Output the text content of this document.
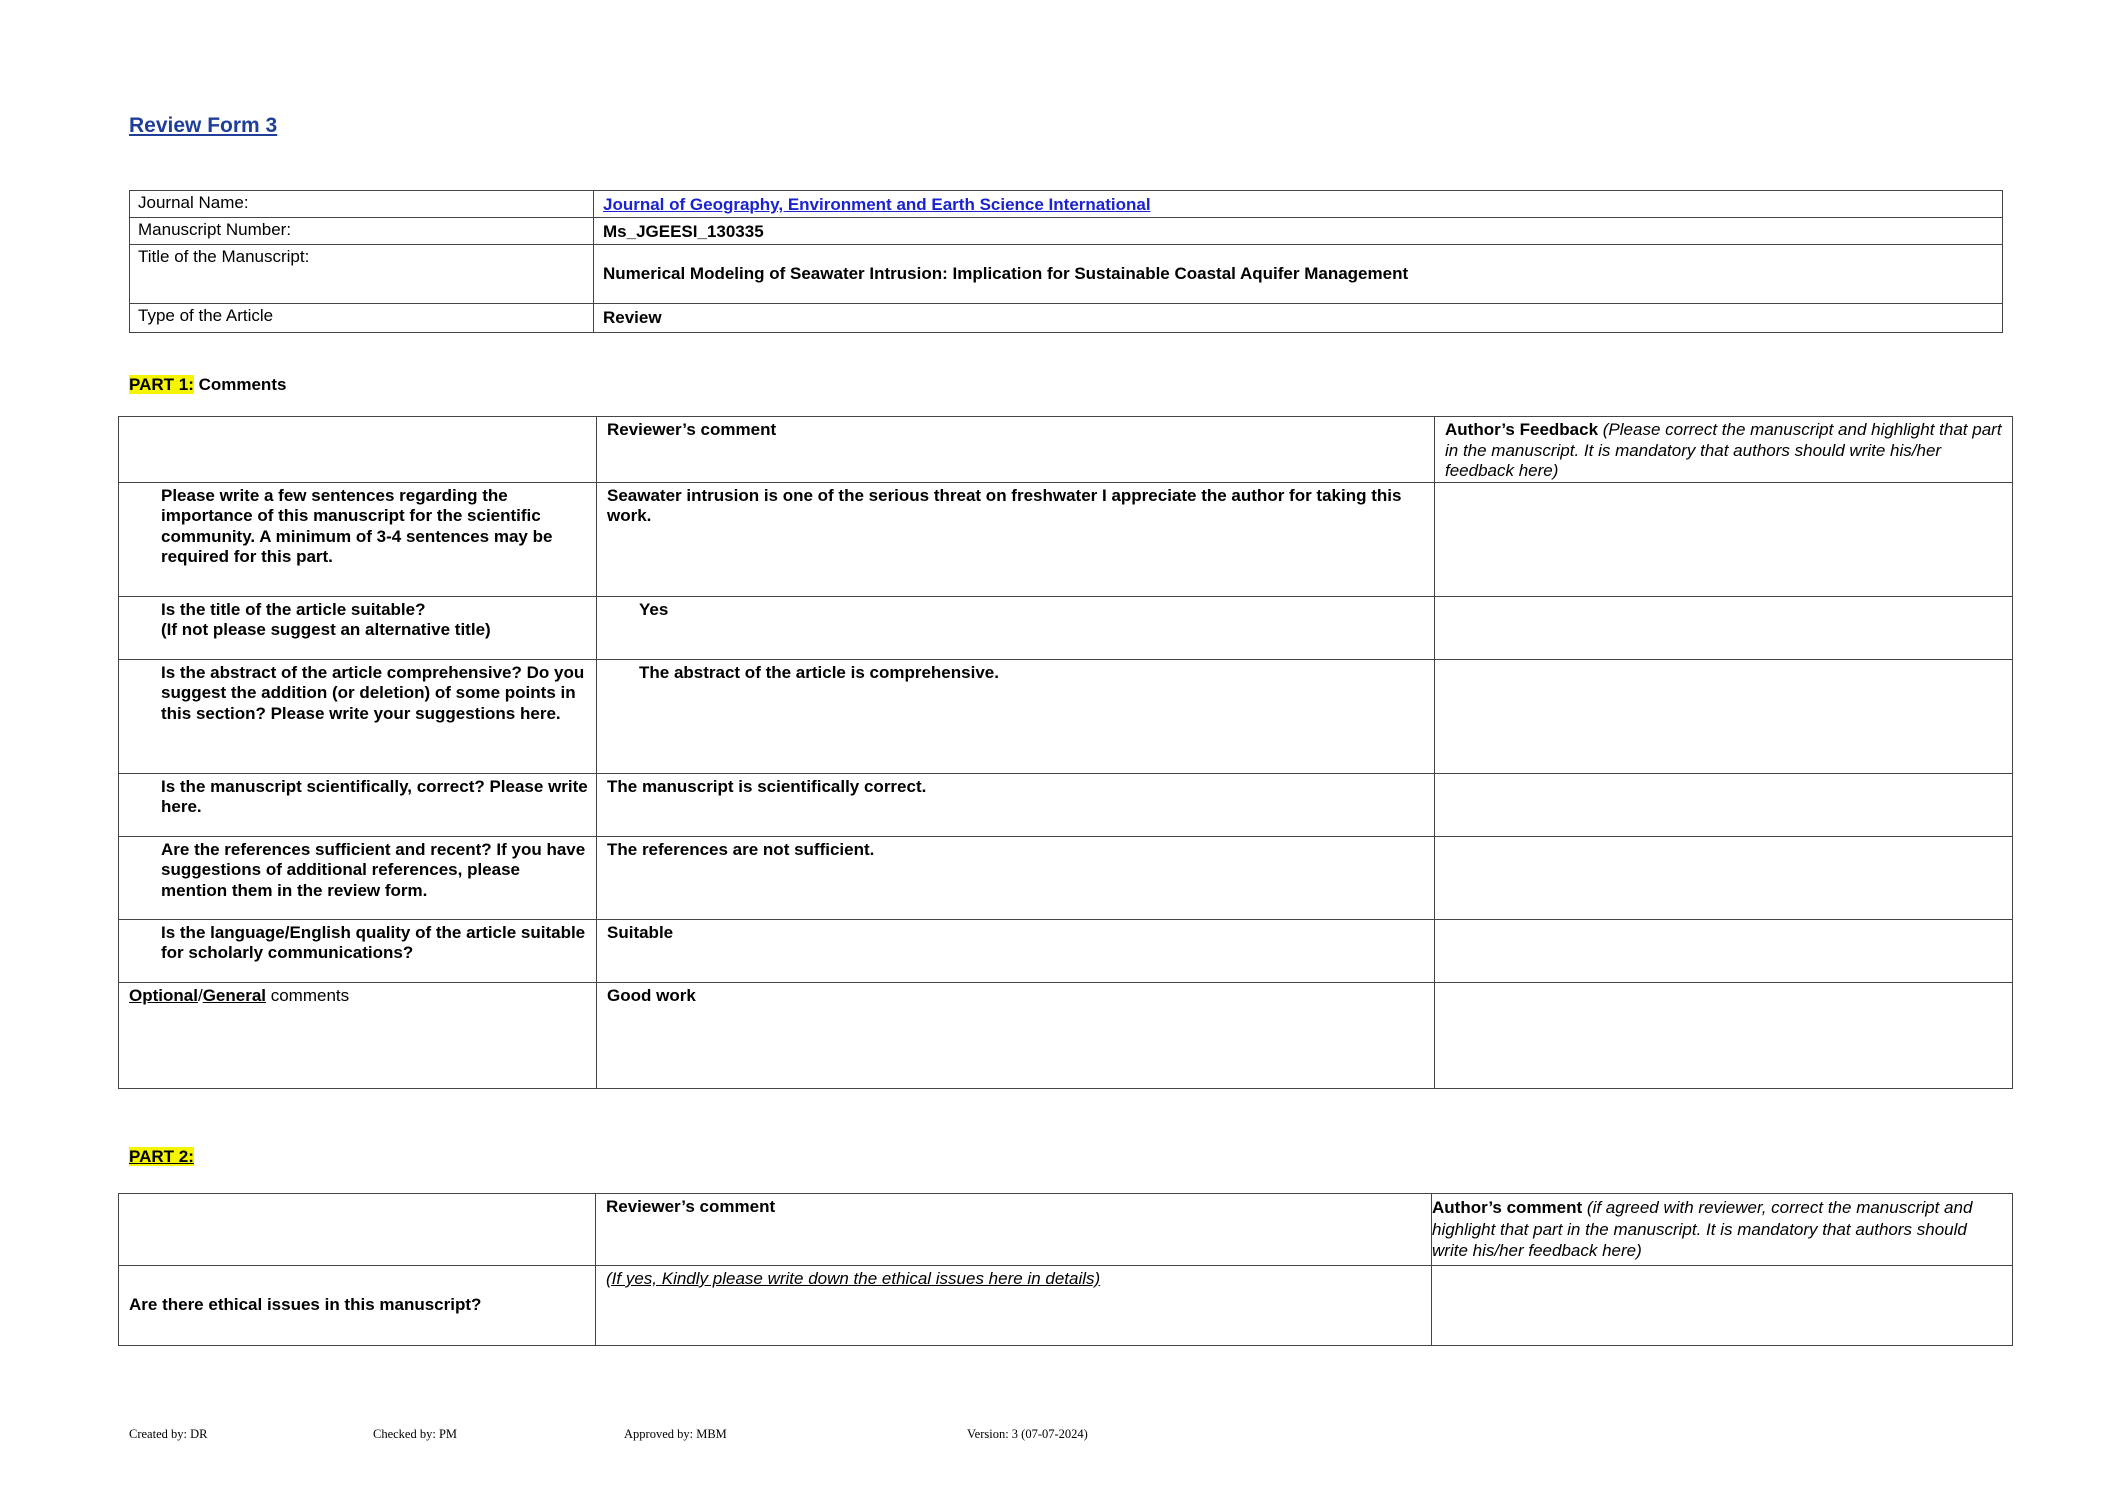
Review Form 3
Journal Name:	Journal of Geography, Environment and Earth Science International
Manuscript Number:	Ms_JGEESI_130335
Title of the Manuscript:	Numerical Modeling of Seawater Intrusion: Implication for Sustainable Coastal Aquifer Management
Type of the Article	Review
PART 1: Comments
	Reviewer’s comment	Author’s Feedback (Please correct the manuscript and highlight that part in the manuscript. It is mandatory that authors should write his/her feedback here)
Please write a few sentences regarding the importance of this manuscript for the scientific community. A minimum of 3-4 sentences may be required for this part.	Seawater intrusion is one of the serious threat on freshwater I appreciate the author for taking this work.	
Is the title of the article suitable?
(If not please suggest an alternative title)	Yes	
Is the abstract of the article comprehensive? Do you suggest the addition (or deletion) of some points in this section? Please write your suggestions here.	The abstract of the article is comprehensive.	
Is the manuscript scientifically, correct? Please write here.	The manuscript is scientifically correct.	
Are the references sufficient and recent? If you have suggestions of additional references, please mention them in the review form.	The references are not sufficient.	
Is the language/English quality of the article suitable for scholarly communications?	Suitable	
Optional/General comments	Good work	
PART 2:
	Reviewer’s comment	Author’s comment (if agreed with reviewer, correct the manuscript and highlight that part in the manuscript. It is mandatory that authors should write his/her feedback here)
Are there ethical issues in this manuscript?	(If yes, Kindly please write down the ethical issues here in details)	
Created by: DR	Checked by: PM	Approved by: MBM	Version: 3 (07-07-2024)
